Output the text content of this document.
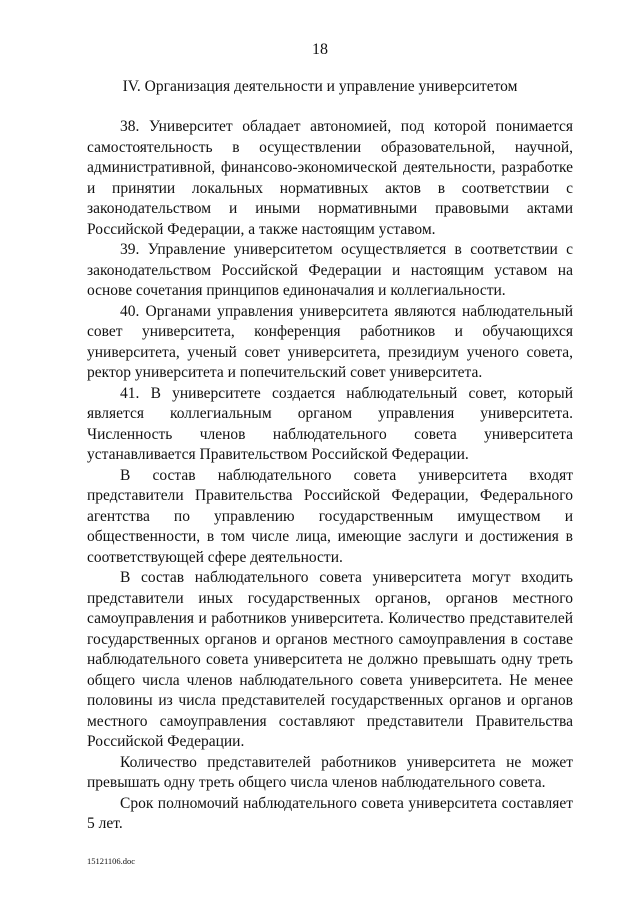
18
IV. Организация деятельности и управление университетом

38. Университет обладает автономией, под которой понимается самостоятельность в осуществлении образовательной, научной, административной, финансово-экономической деятельности, разработке и принятии локальных нормативных актов в соответствии с законодательством и иными нормативными правовыми актами Российской Федерации, а также настоящим уставом.

39. Управление университетом осуществляется в соответствии с законодательством Российской Федерации и настоящим уставом на основе сочетания принципов единоначалия и коллегиальности.

40. Органами управления университета являются наблюдательный совет университета, конференция работников и обучающихся университета, ученый совет университета, президиум ученого совета, ректор университета и попечительский совет университета.

41. В университете создается наблюдательный совет, который является коллегиальным органом управления университета. Численность членов наблюдательного совета университета устанавливается Правительством Российской Федерации.

В состав наблюдательного совета университета входят представители Правительства Российской Федерации, Федерального агентства по управлению государственным имуществом и общественности, в том числе лица, имеющие заслуги и достижения в соответствующей сфере деятельности.

В состав наблюдательного совета университета могут входить представители иных государственных органов, органов местного самоуправления и работников университета. Количество представителей государственных органов и органов местного самоуправления в составе наблюдательного совета университета не должно превышать одну треть общего числа членов наблюдательного совета университета. Не менее половины из числа представителей государственных органов и органов местного самоуправления составляют представители Правительства Российской Федерации.

Количество представителей работников университета не может превышать одну треть общего числа членов наблюдательного совета.

Срок полномочий наблюдательного совета университета составляет 5 лет.

15121106.doc
